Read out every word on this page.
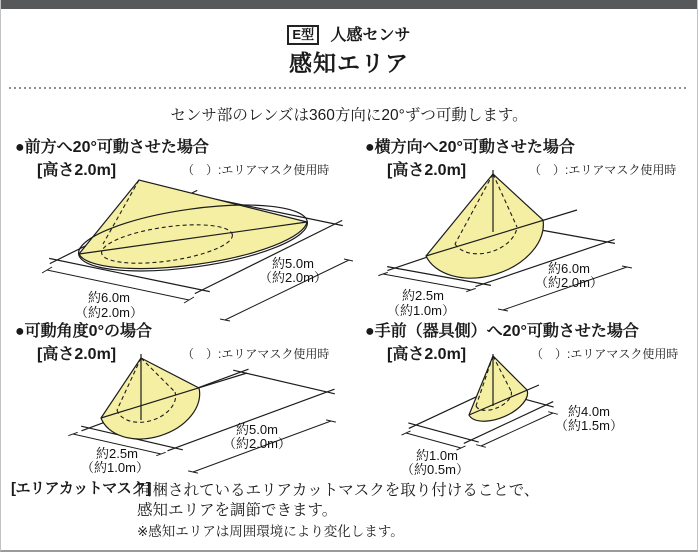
E型 人感センサ
感知エリア
センサ部のレンズは360方向に20°ずつ可動します。
●前方へ20°可動させた場合
[高さ2.0m]	（　）:エリアマスク使用時
約6.0m
（約2.0m）
約5.0m
（約2.0m）
●横方向へ20°可動させた場合
[高さ2.0m]	（　）:エリアマスク使用時
約2.5m
（約1.0m）
約6.0m
（約2.0m）
●可動角度0°の場合
[高さ2.0m]	（　）:エリアマスク使用時
約2.5m
（約1.0m）
約5.0m
（約2.0m）
●手前（器具側）へ20°可動させた場合
[高さ2.0m]	（　）:エリアマスク使用時
約1.0m
（約0.5m）
約4.0m
（約1.5m）
[エリアカットマスク]
同梱されているエリアカットマスクを取り付けることで、
感知エリアを調節できます。
※感知エリアは周囲環境により変化します。
